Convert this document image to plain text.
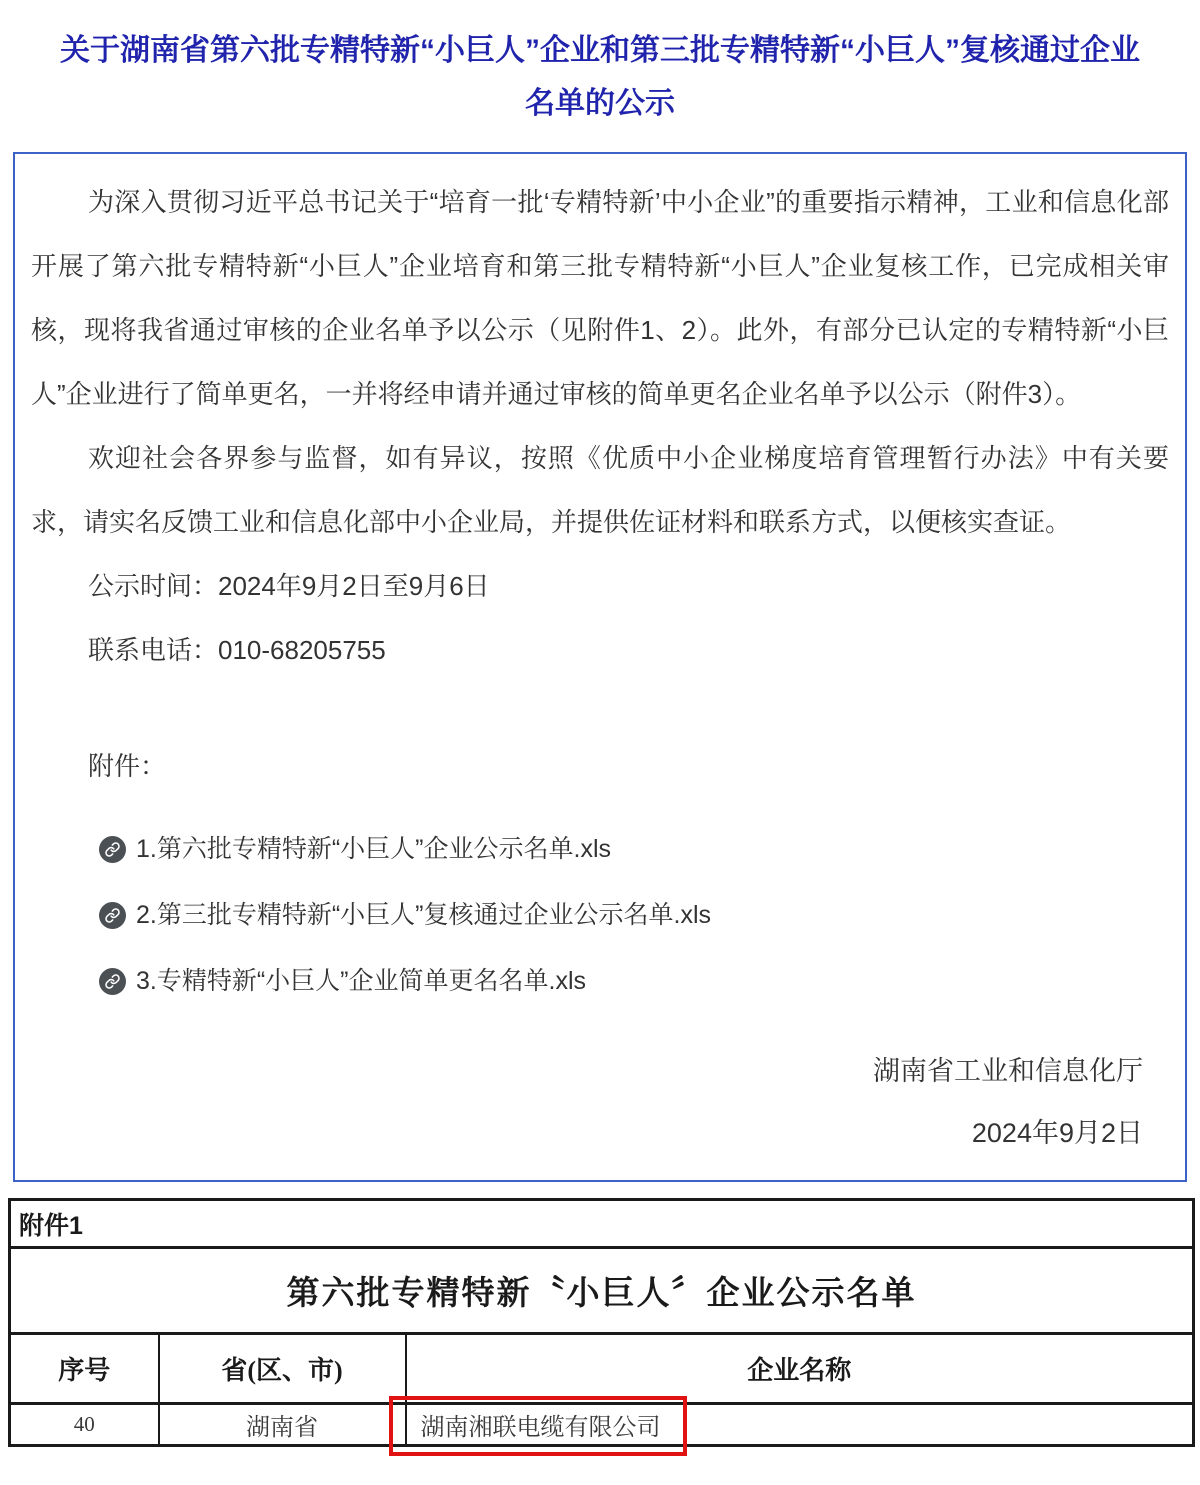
关于湖南省第六批专精特新“小巨人”企业和第三批专精特新“小巨人”复核通过企业名单的公示

为深入贯彻习近平总书记关于“培育一批‘专精特新’中小企业”的重要指示精神，工业和信息化部开展了第六批专精特新“小巨人”企业培育和第三批专精特新“小巨人”企业复核工作，已完成相关审核，现将我省通过审核的企业名单予以公示（见附件1、2）。此外，有部分已认定的专精特新“小巨人”企业进行了简单更名，一并将经申请并通过审核的简单更名企业名单予以公示（附件3）。

欢迎社会各界参与监督，如有异议，按照《优质中小企业梯度培育管理暂行办法》中有关要求，请实名反馈工业和信息化部中小企业局，并提供佐证材料和联系方式，以便核实查证。

公示时间：2024年9月2日至9月6日
联系电话：010-68205755
附件：
1.第六批专精特新“小巨人”企业公示名单.xls
2.第三批专精特新“小巨人”复核通过企业公示名单.xls
3.专精特新“小巨人”企业简单更名名单.xls
湖南省工业和信息化厅
2024年9月2日
附件1		
第六批专精特新〝小巨人〞企业公示名单		
序号	省(区、市)	企业名称
40	湖南省	湖南湘联电缆有限公司
